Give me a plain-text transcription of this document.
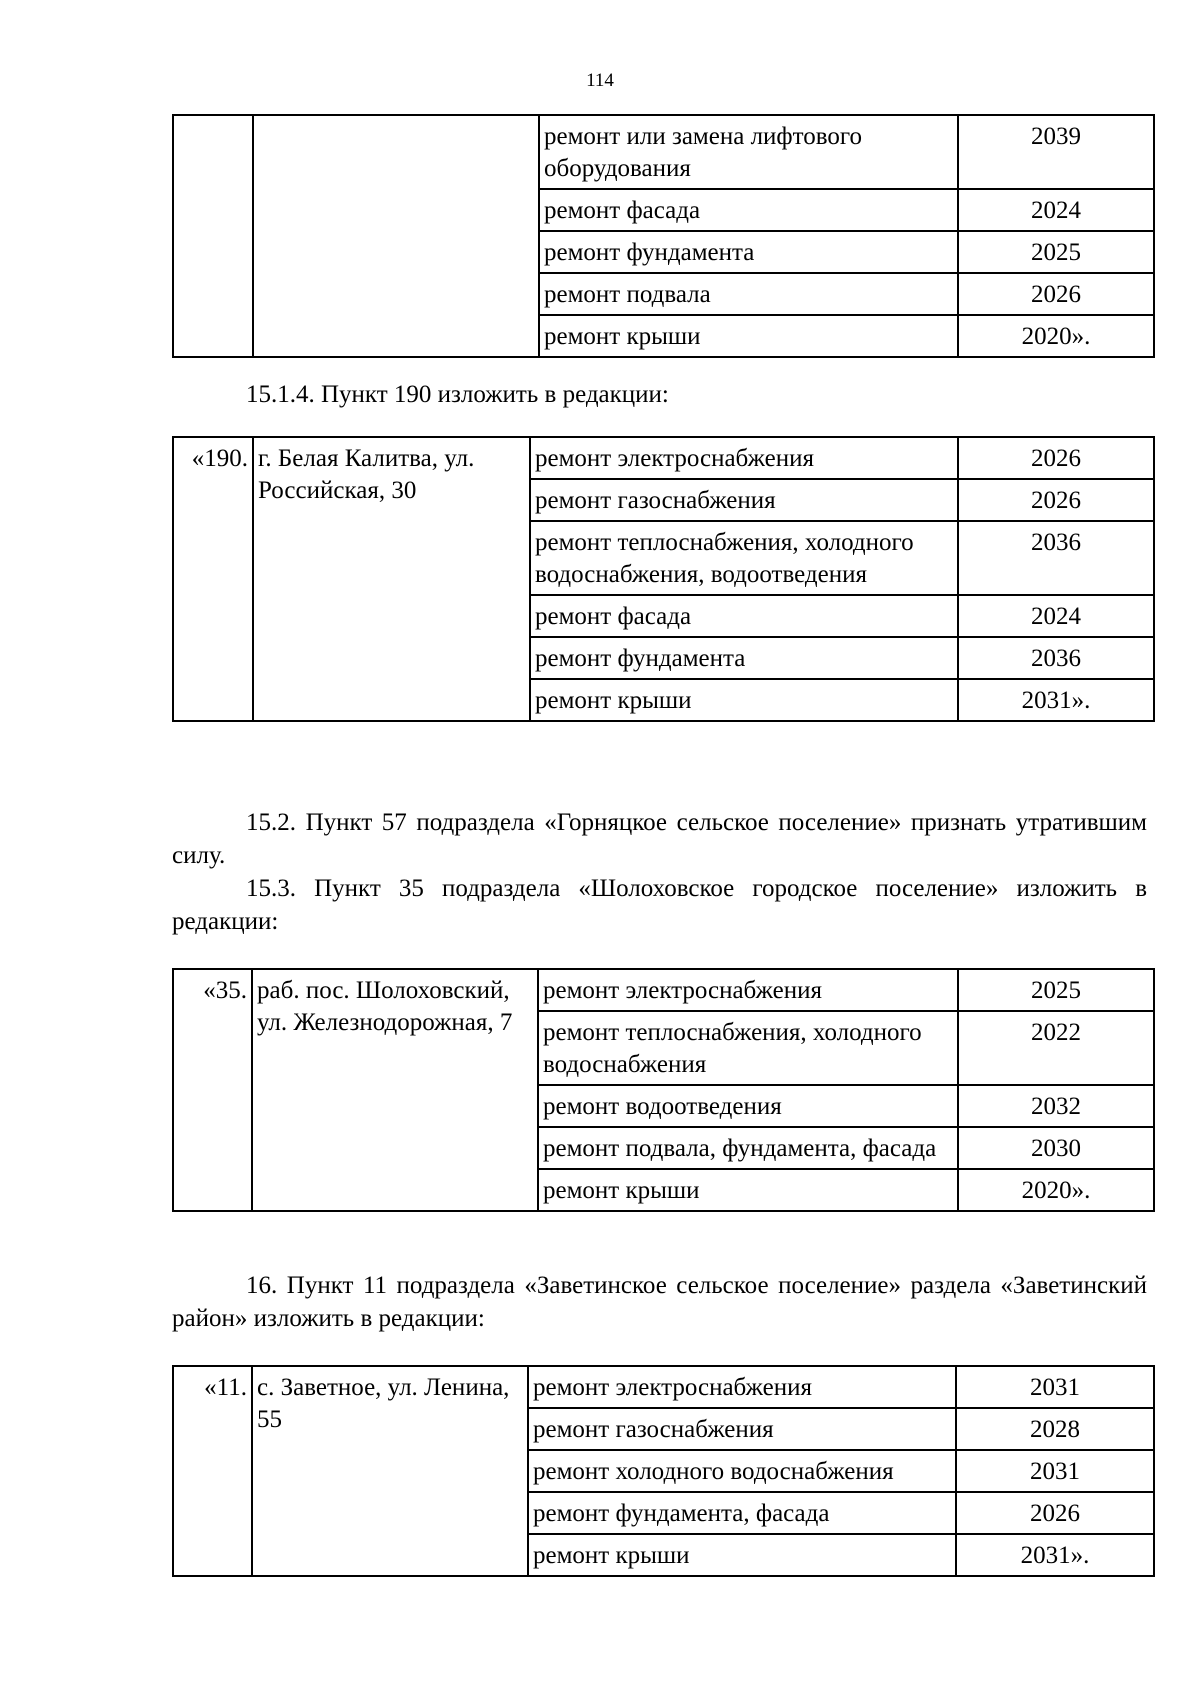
114
		ремонт или замена лифтового оборудования	2039
		ремонт фасада	2024
		ремонт фундамента	2025
		ремонт подвала	2026
		ремонт крыши	2020».

15.1.4. Пункт 190 изложить в редакции:

«190.	г. Белая Калитва, ул. Российская, 30	ремонт электроснабжения	2026
		ремонт газоснабжения	2026
		ремонт теплоснабжения, холодного водоснабжения, водоотведения	2036
		ремонт фасада	2024
		ремонт фундамента	2036
		ремонт крыши	2031».

15.2. Пункт 57 подраздела «Горняцкое сельское поселение» признать утратившим силу.

15.3. Пункт 35 подраздела «Шолоховское городское поселение» изложить в редакции:

«35.	раб. пос. Шолоховский, ул. Железнодорожная, 7	ремонт электроснабжения	2025
		ремонт теплоснабжения, холодного водоснабжения	2022
		ремонт водоотведения	2032
		ремонт подвала, фундамента, фасада	2030
		ремонт крыши	2020».

16. Пункт 11 подраздела «Заветинское сельское поселение» раздела «Заветинский район» изложить в редакции:

«11.	с. Заветное, ул. Ленина, 55	ремонт электроснабжения	2031
		ремонт газоснабжения	2028
		ремонт холодного водоснабжения	2031
		ремонт фундамента, фасада	2026
		ремонт крыши	2031».
